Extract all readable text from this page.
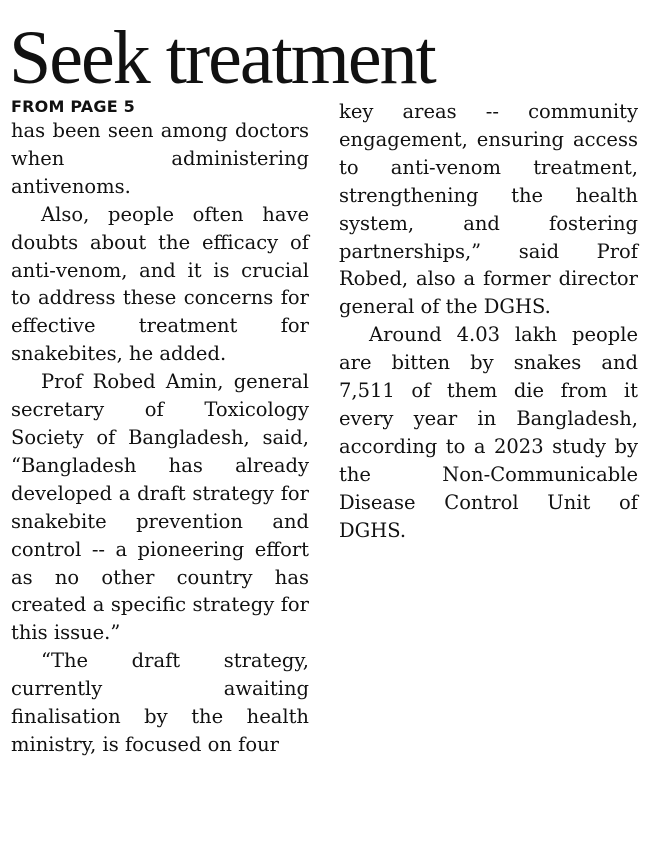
Seek treatment
FROM PAGE 5

has been seen among doctors when administering antivenoms.

Also, people often have doubts about the efficacy of anti-venom, and it is crucial to address these concerns for effective treatment for snakebites, he added.

Prof Robed Amin, general secretary of Toxicology Society of Bangladesh, said, “Bangladesh has already developed a draft strategy for snakebite prevention and control -- a pioneering effort as no other country has created a specific strategy for this issue.”

“The draft strategy, currently awaiting finalisation by the health ministry, is focused on four

key areas -- community engagement, ensuring access to anti-venom treatment, strengthening the health system, and fostering partnerships,” said Prof Robed, also a former director general of the DGHS.

Around 4.03 lakh people are bitten by snakes and 7,511 of them die from it every year in Bangladesh, according to a 2023 study by the Non-Communicable Disease Control Unit of DGHS.
